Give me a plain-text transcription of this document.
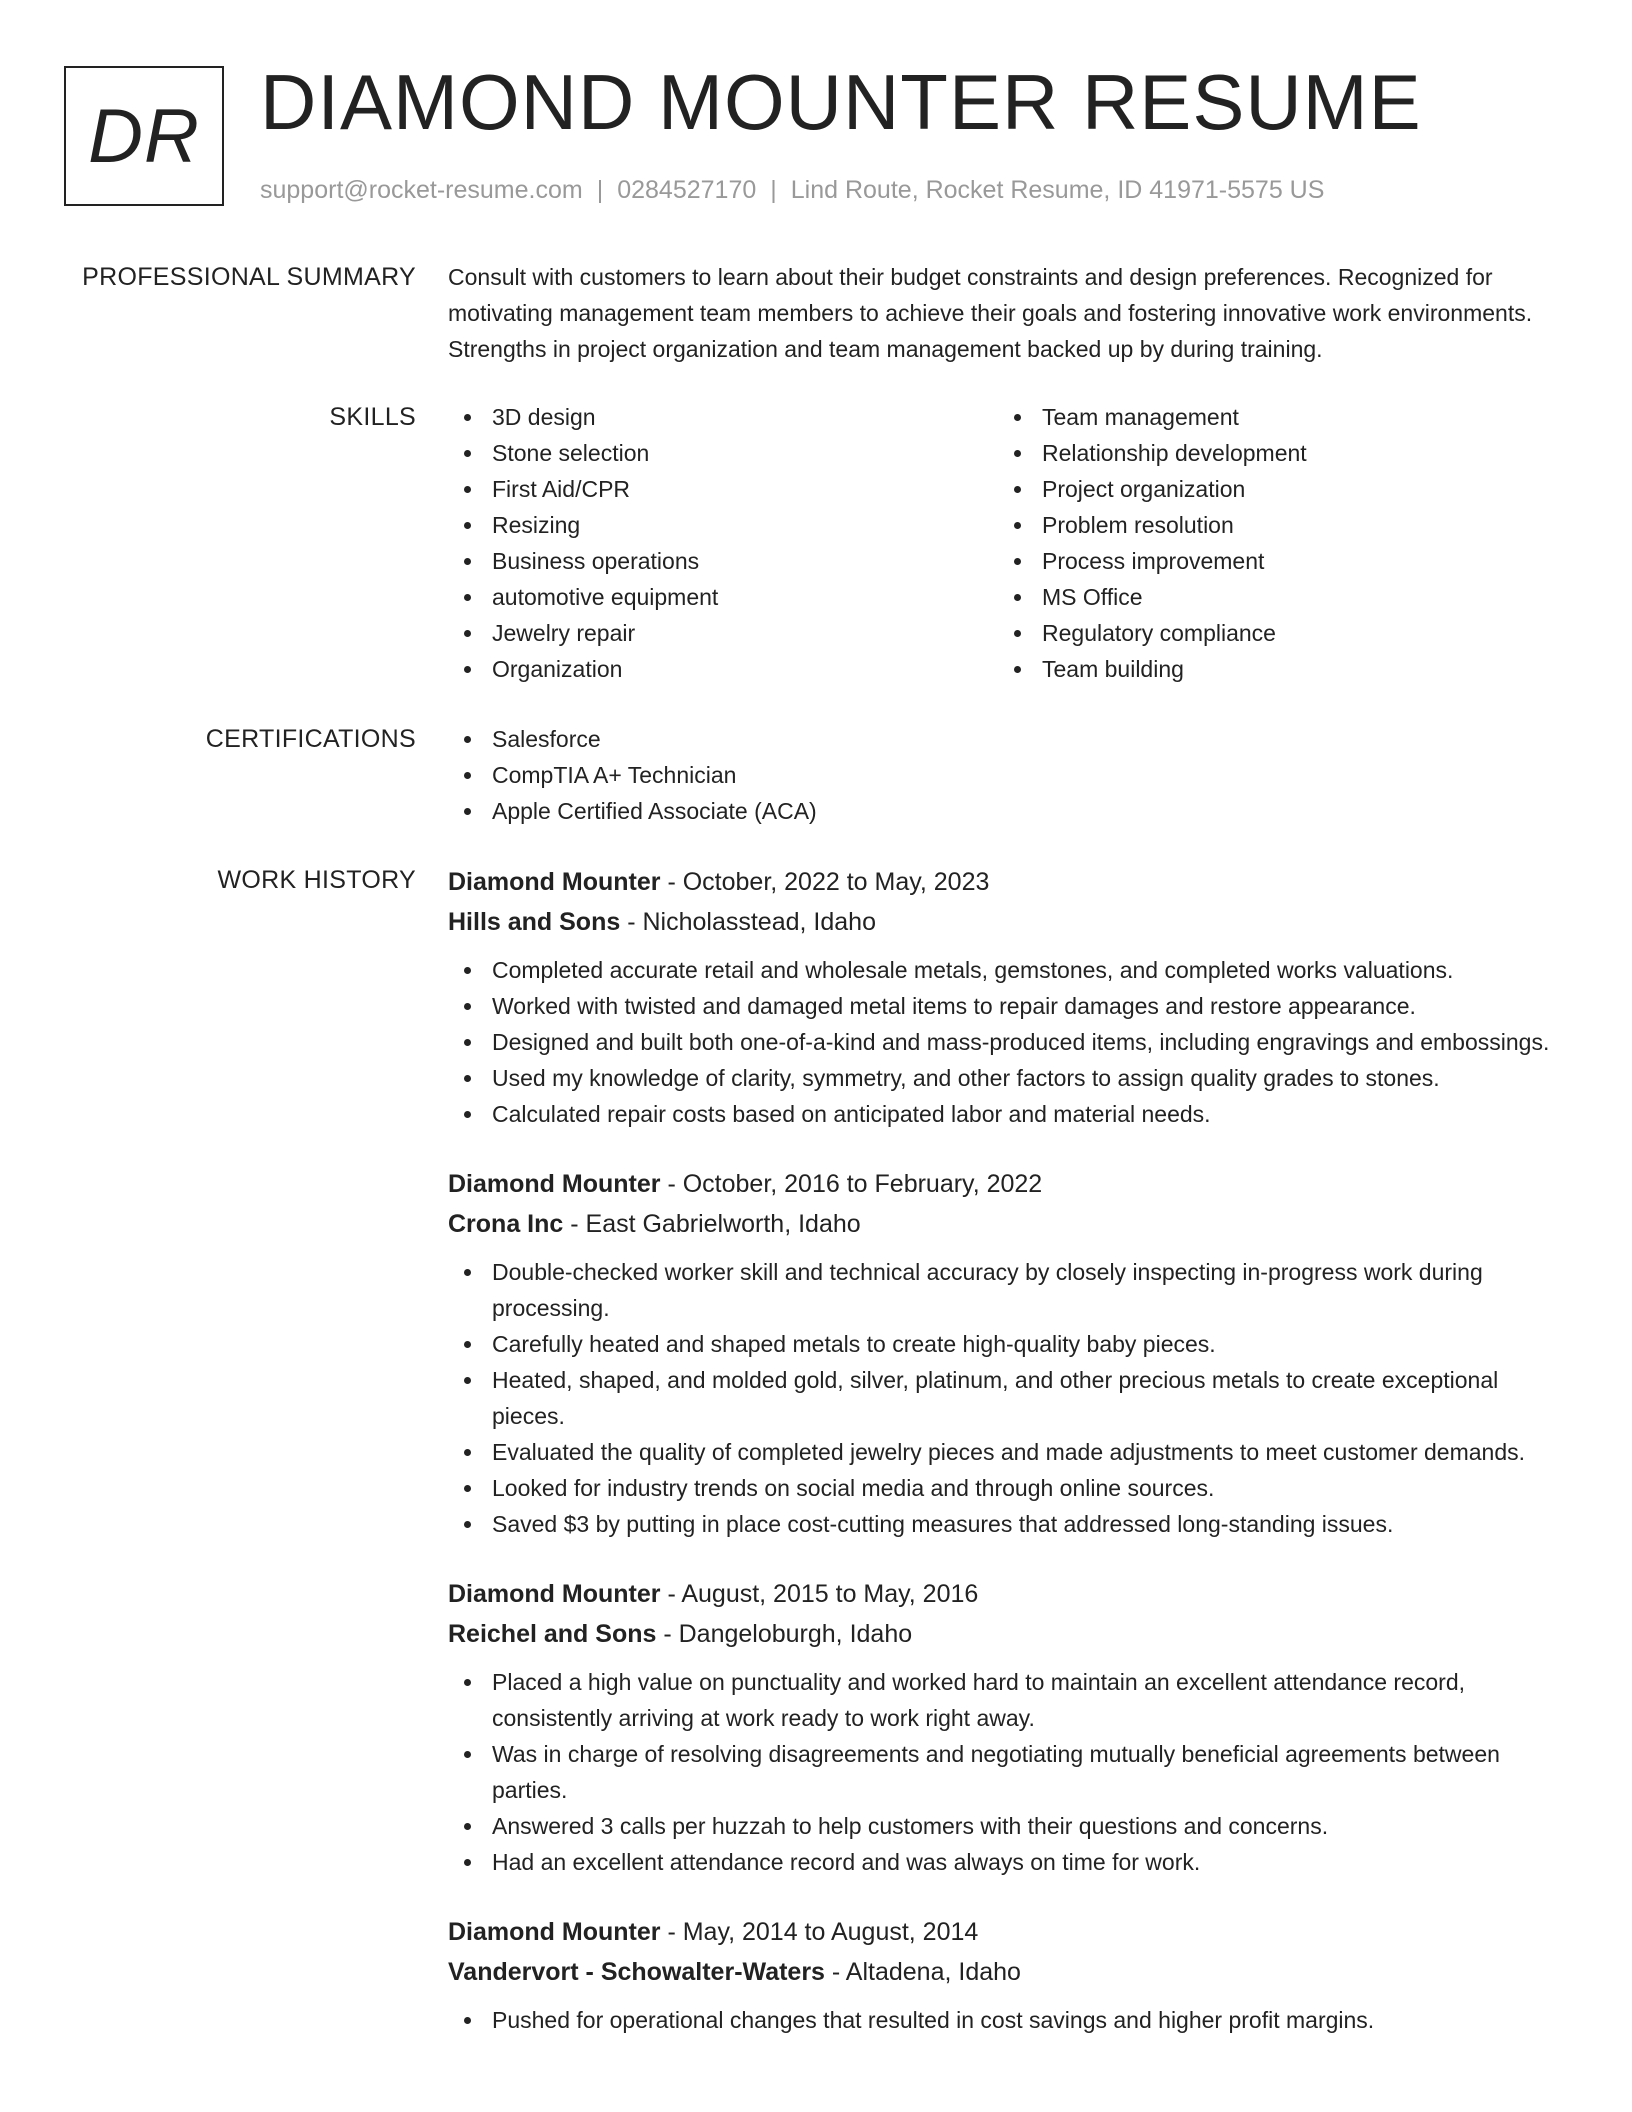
DR DIAMOND MOUNTER RESUME
support@rocket-resume.com | 0284527170 | Lind Route, Rocket Resume, ID 41971-5575 US
PROFESSIONAL SUMMARY Consult with customers to learn about their budget constraints and design preferences. Recognized for motivating management team members to achieve their goals and fostering innovative work environments. Strengths in project organization and team management backed up by during training.

SKILLS	3D design
Stone selection
First Aid/CPR
Resizing
Business operations
automotive equipment
Jewelry repair
Organization
Team management
Relationship development
Project organization
Problem resolution
Process improvement
MS Office
Regulatory compliance
Team building
CERTIFICATIONS	Salesforce
CompTIA A+ Technician
Apple Certified Associate (ACA)
WORK HISTORY Diamond Mounter - October, 2022 to May, 2023
Hills and Sons - Nicholasstead, Idaho
Completed accurate retail and wholesale metals, gemstones, and completed works valuations.
Worked with twisted and damaged metal items to repair damages and restore appearance.
Designed and built both one-of-a-kind and mass-produced items, including engravings and embossings.
Used my knowledge of clarity, symmetry, and other factors to assign quality grades to stones.
Calculated repair costs based on anticipated labor and material needs.
Diamond Mounter - October, 2016 to February, 2022
Crona Inc - East Gabrielworth, Idaho
Double-checked worker skill and technical accuracy by closely inspecting in-progress work during processing.
Carefully heated and shaped metals to create high-quality baby pieces.
Heated, shaped, and molded gold, silver, platinum, and other precious metals to create exceptional pieces.
Evaluated the quality of completed jewelry pieces and made adjustments to meet customer demands.
Looked for industry trends on social media and through online sources.
Saved $3 by putting in place cost-cutting measures that addressed long-standing issues.
Diamond Mounter - August, 2015 to May, 2016
Reichel and Sons - Dangeloburgh, Idaho
Placed a high value on punctuality and worked hard to maintain an excellent attendance record, consistently arriving at work ready to work right away.
Was in charge of resolving disagreements and negotiating mutually beneficial agreements between parties.
Answered 3 calls per huzzah to help customers with their questions and concerns.
Had an excellent attendance record and was always on time for work.
Diamond Mounter - May, 2014 to August, 2014
Vandervort - Schowalter-Waters - Altadena, Idaho
Pushed for operational changes that resulted in cost savings and higher profit margins.
